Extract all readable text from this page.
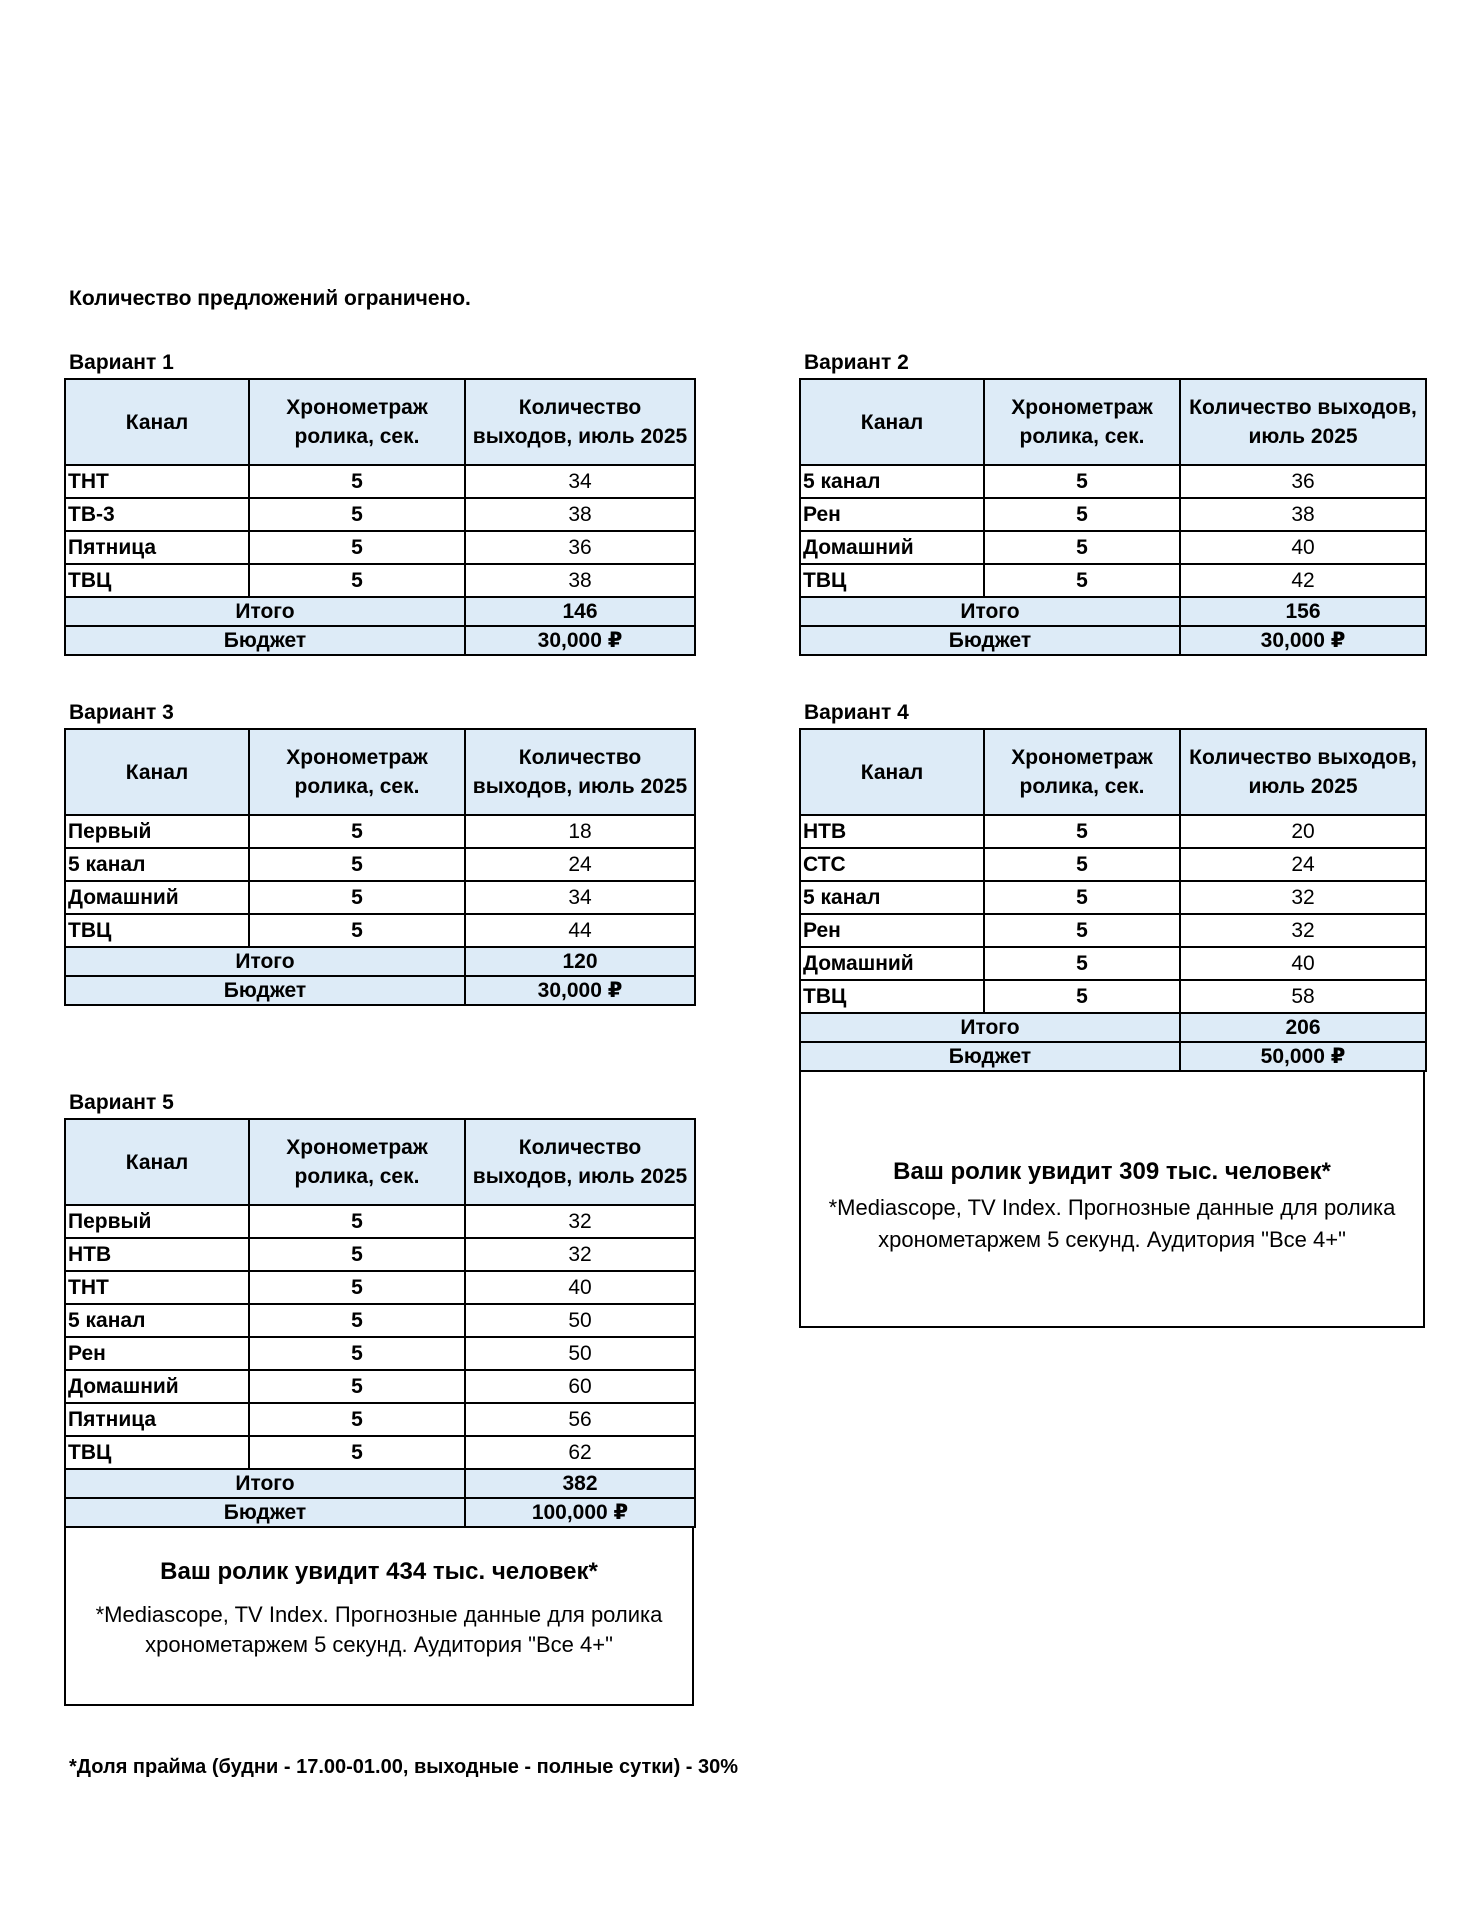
Количество предложений ограничено.
Вариант 1
Канал	Хронометраж ролика, сек.	Количество выходов, июль 2025
ТНТ	5	34
ТВ-3	5	38
Пятница	5	36
ТВЦ	5	38
Итого		146
Бюджет		30,000 ₽
Вариант 2
Канал	Хронометраж ролика, сек.	Количество выходов, июль 2025
5 канал	5	36
Рен	5	38
Домашний	5	40
ТВЦ	5	42
Итого		156
Бюджет		30,000 ₽
Вариант 3
Канал	Хронометраж ролика, сек.	Количество выходов, июль 2025
Первый	5	18
5 канал	5	24
Домашний	5	34
ТВЦ	5	44
Итого		120
Бюджет		30,000 ₽
Вариант 4
Канал	Хронометраж ролика, сек.	Количество выходов, июль 2025
НТВ	5	20
СТС	5	24
5 канал	5	32
Рен	5	32
Домашний	5	40
ТВЦ	5	58
Итого		206
Бюджет		50,000 ₽
Ваш ролик увидит 309 тыс. человек*
*Mediascope, TV Index. Прогнозные данные для ролика хронометаржем 5 секунд. Аудитория "Все 4+"
Вариант 5
Канал	Хронометраж ролика, сек.	Количество выходов, июль 2025
Первый	5	32
НТВ	5	32
ТНТ	5	40
5 канал	5	50
Рен	5	50
Домашний	5	60
Пятница	5	56
ТВЦ	5	62
Итого		382
Бюджет		100,000 ₽
Ваш ролик увидит 434 тыс. человек*
*Mediascope, TV Index. Прогнозные данные для ролика хронометаржем 5 секунд. Аудитория "Все 4+"
*Доля прайма (будни - 17.00-01.00, выходные - полные сутки) - 30%
